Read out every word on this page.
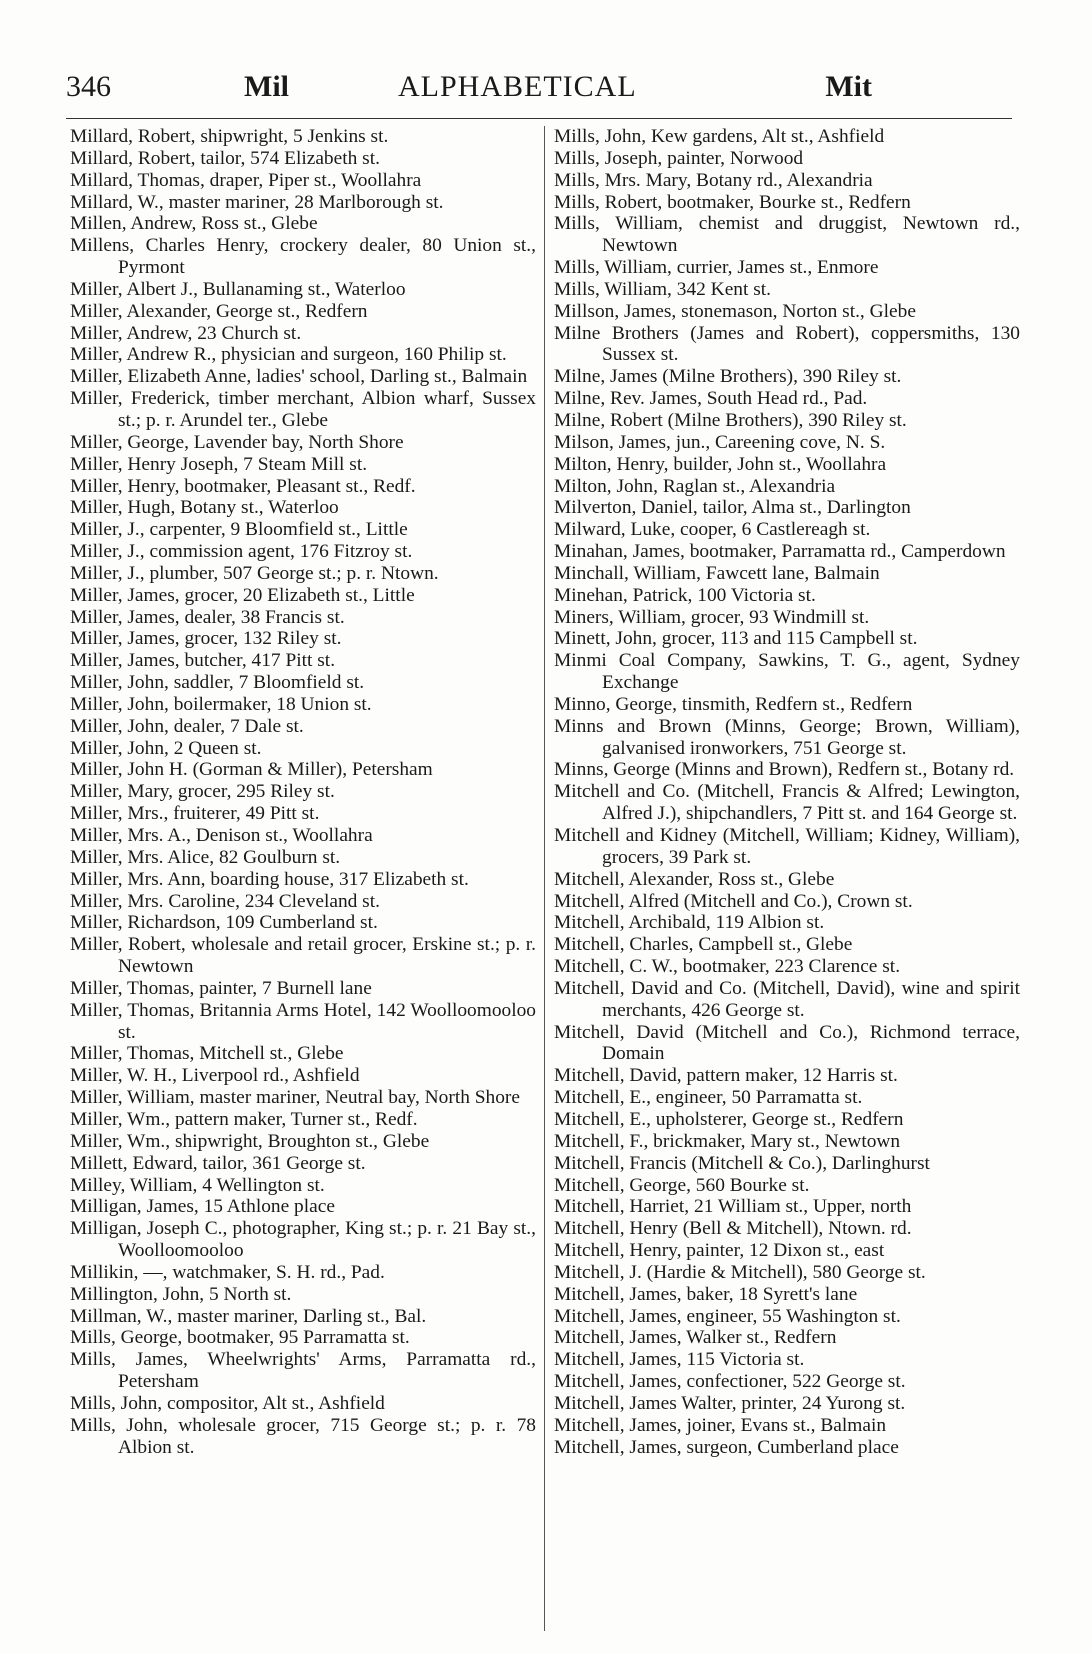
346	Mil	ALPHABETICAL	Mit
Millard, Robert, shipwright, 5 Jenkins st.
Millard, Robert, tailor, 574 Elizabeth st.
Millard, Thomas, draper, Piper st., Woollahra
Millard, W., master mariner, 28 Marlborough st.
Millen, Andrew, Ross st., Glebe
Millens, Charles Henry, crockery dealer, 80 Union st., Pyrmont
Miller, Albert J., Bullanaming st., Waterloo
Miller, Alexander, George st., Redfern
Miller, Andrew, 23 Church st.
Miller, Andrew R., physician and surgeon, 160 Philip st.
Miller, Elizabeth Anne, ladies' school, Darling st., Balmain
Miller, Frederick, timber merchant, Albion wharf, Sussex st.; p. r. Arundel ter., Glebe
Miller, George, Lavender bay, North Shore
Miller, Henry Joseph, 7 Steam Mill st.
Miller, Henry, bootmaker, Pleasant st., Redf.
Miller, Hugh, Botany st., Waterloo
Miller, J., carpenter, 9 Bloomfield st., Little
Miller, J., commission agent, 176 Fitzroy st.
Miller, J., plumber, 507 George st.; p. r. Ntown.
Miller, James, grocer, 20 Elizabeth st., Little
Miller, James, dealer, 38 Francis st.
Miller, James, grocer, 132 Riley st.
Miller, James, butcher, 417 Pitt st.
Miller, John, saddler, 7 Bloomfield st.
Miller, John, boilermaker, 18 Union st.
Miller, John, dealer, 7 Dale st.
Miller, John, 2 Queen st.
Miller, John H. (Gorman & Miller), Petersham
Miller, Mary, grocer, 295 Riley st.
Miller, Mrs., fruiterer, 49 Pitt st.
Miller, Mrs. A., Denison st., Woollahra
Miller, Mrs. Alice, 82 Goulburn st.
Miller, Mrs. Ann, boarding house, 317 Elizabeth st.
Miller, Mrs. Caroline, 234 Cleveland st.
Miller, Richardson, 109 Cumberland st.
Miller, Robert, wholesale and retail grocer, Erskine st.; p. r. Newtown
Miller, Thomas, painter, 7 Burnell lane
Miller, Thomas, Britannia Arms Hotel, 142 Woolloomooloo st.
Miller, Thomas, Mitchell st., Glebe
Miller, W. H., Liverpool rd., Ashfield
Miller, William, master mariner, Neutral bay, North Shore
Miller, Wm., pattern maker, Turner st., Redf.
Miller, Wm., shipwright, Broughton st., Glebe
Millett, Edward, tailor, 361 George st.
Milley, William, 4 Wellington st.
Milligan, James, 15 Athlone place
Milligan, Joseph C., photographer, King st.; p. r. 21 Bay st., Woolloomooloo
Millikin, —, watchmaker, S. H. rd., Pad.
Millington, John, 5 North st.
Millman, W., master mariner, Darling st., Bal.
Mills, George, bootmaker, 95 Parramatta st.
Mills, James, Wheelwrights' Arms, Parramatta rd., Petersham
Mills, John, compositor, Alt st., Ashfield
Mills, John, wholesale grocer, 715 George st.; p. r. 78 Albion st.
Mills, John, Kew gardens, Alt st., Ashfield
Mills, Joseph, painter, Norwood
Mills, Mrs. Mary, Botany rd., Alexandria
Mills, Robert, bootmaker, Bourke st., Redfern
Mills, William, chemist and druggist, Newtown rd., Newtown
Mills, William, currier, James st., Enmore
Mills, William, 342 Kent st.
Millson, James, stonemason, Norton st., Glebe
Milne Brothers (James and Robert), coppersmiths, 130 Sussex st.
Milne, James (Milne Brothers), 390 Riley st.
Milne, Rev. James, South Head rd., Pad.
Milne, Robert (Milne Brothers), 390 Riley st.
Milson, James, jun., Careening cove, N. S.
Milton, Henry, builder, John st., Woollahra
Milton, John, Raglan st., Alexandria
Milverton, Daniel, tailor, Alma st., Darlington
Milward, Luke, cooper, 6 Castlereagh st.
Minahan, James, bootmaker, Parramatta rd., Camperdown
Minchall, William, Fawcett lane, Balmain
Minehan, Patrick, 100 Victoria st.
Miners, William, grocer, 93 Windmill st.
Minett, John, grocer, 113 and 115 Campbell st.
Minmi Coal Company, Sawkins, T. G., agent, Sydney Exchange
Minno, George, tinsmith, Redfern st., Redfern
Minns and Brown (Minns, George; Brown, William), galvanised ironworkers, 751 George st.
Minns, George (Minns and Brown), Redfern st., Botany rd.
Mitchell and Co. (Mitchell, Francis & Alfred; Lewington, Alfred J.), shipchandlers, 7 Pitt st. and 164 George st.
Mitchell and Kidney (Mitchell, William; Kidney, William), grocers, 39 Park st.
Mitchell, Alexander, Ross st., Glebe
Mitchell, Alfred (Mitchell and Co.), Crown st.
Mitchell, Archibald, 119 Albion st.
Mitchell, Charles, Campbell st., Glebe
Mitchell, C. W., bootmaker, 223 Clarence st.
Mitchell, David and Co. (Mitchell, David), wine and spirit merchants, 426 George st.
Mitchell, David (Mitchell and Co.), Richmond terrace, Domain
Mitchell, David, pattern maker, 12 Harris st.
Mitchell, E., engineer, 50 Parramatta st.
Mitchell, E., upholsterer, George st., Redfern
Mitchell, F., brickmaker, Mary st., Newtown
Mitchell, Francis (Mitchell & Co.), Darlinghurst
Mitchell, George, 560 Bourke st.
Mitchell, Harriet, 21 William st., Upper, north
Mitchell, Henry (Bell & Mitchell), Ntown. rd.
Mitchell, Henry, painter, 12 Dixon st., east
Mitchell, J. (Hardie & Mitchell), 580 George st.
Mitchell, James, baker, 18 Syrett's lane
Mitchell, James, engineer, 55 Washington st.
Mitchell, James, Walker st., Redfern
Mitchell, James, 115 Victoria st.
Mitchell, James, confectioner, 522 George st.
Mitchell, James Walter, printer, 24 Yurong st.
Mitchell, James, joiner, Evans st., Balmain
Mitchell, James, surgeon, Cumberland place
